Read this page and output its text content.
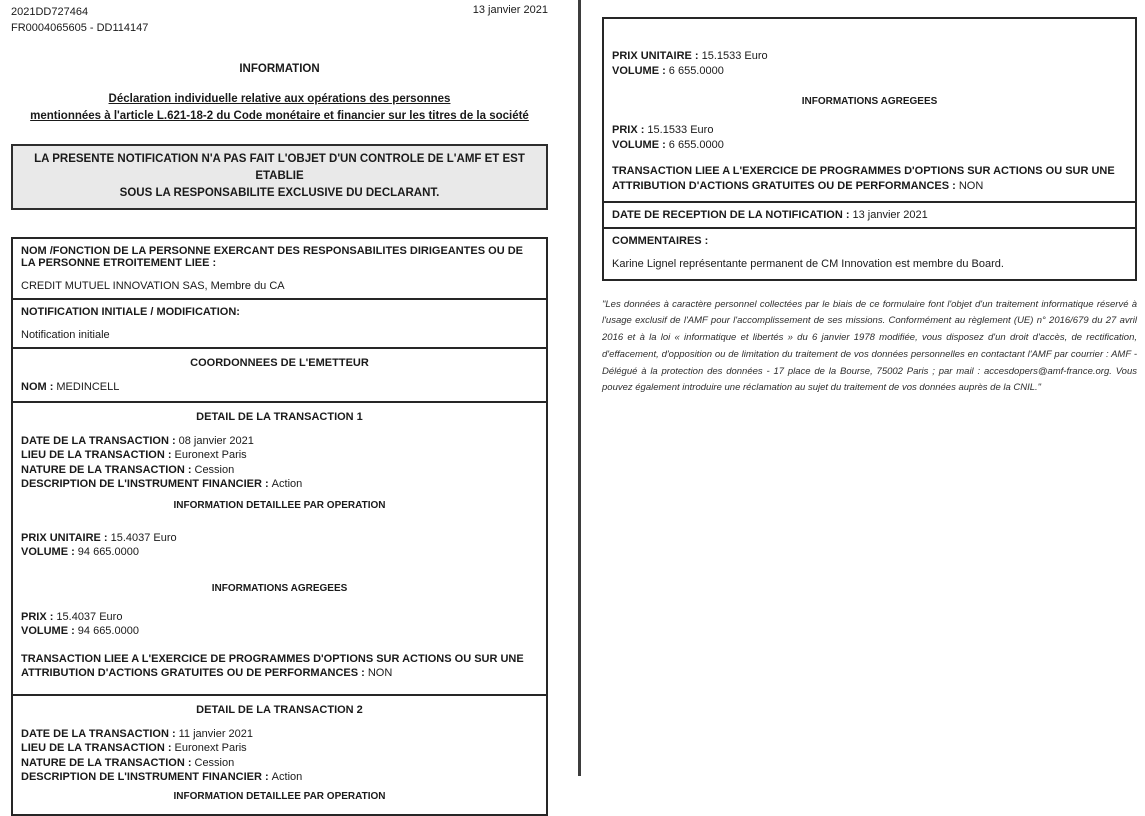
2021DD727464
FR0004065605 - DD114147
13 janvier 2021
INFORMATION
Déclaration individuelle relative aux opérations des personnes
mentionnées à l'article L.621-18-2 du Code monétaire et financier sur les titres de la société
LA PRESENTE NOTIFICATION N'A PAS FAIT L'OBJET D'UN CONTROLE DE L'AMF ET EST ETABLIE
SOUS LA RESPONSABILITE EXCLUSIVE DU DECLARANT.
NOM /FONCTION DE LA PERSONNE EXERCANT DES RESPONSABILITES DIRIGEANTES OU DE LA PERSONNE ETROITEMENT LIEE :
CREDIT MUTUEL INNOVATION SAS, Membre du CA
NOTIFICATION INITIALE / MODIFICATION:
Notification initiale
COORDONNEES DE L'EMETTEUR
NOM : MEDINCELL
DETAIL DE LA TRANSACTION 1
DATE DE LA TRANSACTION : 08 janvier 2021
LIEU DE LA TRANSACTION : Euronext Paris
NATURE DE LA TRANSACTION : Cession
DESCRIPTION DE L'INSTRUMENT FINANCIER : Action
INFORMATION DETAILLEE PAR OPERATION
PRIX UNITAIRE : 15.4037 Euro
VOLUME : 94 665.0000
INFORMATIONS AGREGEES
PRIX : 15.4037 Euro
VOLUME : 94 665.0000
TRANSACTION LIEE A L'EXERCICE DE PROGRAMMES D'OPTIONS SUR ACTIONS OU SUR UNE ATTRIBUTION D'ACTIONS GRATUITES OU DE PERFORMANCES : NON
DETAIL DE LA TRANSACTION 2
DATE DE LA TRANSACTION : 11 janvier 2021
LIEU DE LA TRANSACTION : Euronext Paris
NATURE DE LA TRANSACTION : Cession
DESCRIPTION DE L'INSTRUMENT FINANCIER : Action
INFORMATION DETAILLEE PAR OPERATION
PRIX UNITAIRE : 15.1533 Euro
VOLUME : 6 655.0000
INFORMATIONS AGREGEES
PRIX : 15.1533 Euro
VOLUME : 6 655.0000
TRANSACTION LIEE A L'EXERCICE DE PROGRAMMES D'OPTIONS SUR ACTIONS OU SUR UNE ATTRIBUTION D'ACTIONS GRATUITES OU DE PERFORMANCES : NON
DATE DE RECEPTION DE LA NOTIFICATION : 13 janvier 2021
COMMENTAIRES :
Karine Lignel représentante permanent de CM Innovation est membre du Board.
"Les données à caractère personnel collectées par le biais de ce formulaire font l'objet d'un traitement informatique réservé à l'usage exclusif de l'AMF pour l'accomplissement de ses missions. Conformément au règlement (UE) n° 2016/679 du 27 avril 2016 et à la loi « informatique et libertés » du 6 janvier 1978 modifiée, vous disposez d'un droit d'accès, de rectification, d'effacement, d'opposition ou de limitation du traitement de vos données personnelles en contactant l'AMF par courrier : AMF - Délégué à la protection des données - 17 place de la Bourse, 75002 Paris ; par mail : accesdopers@amf-france.org. Vous pouvez également introduire une réclamation au sujet du traitement de vos données auprès de la CNIL."
